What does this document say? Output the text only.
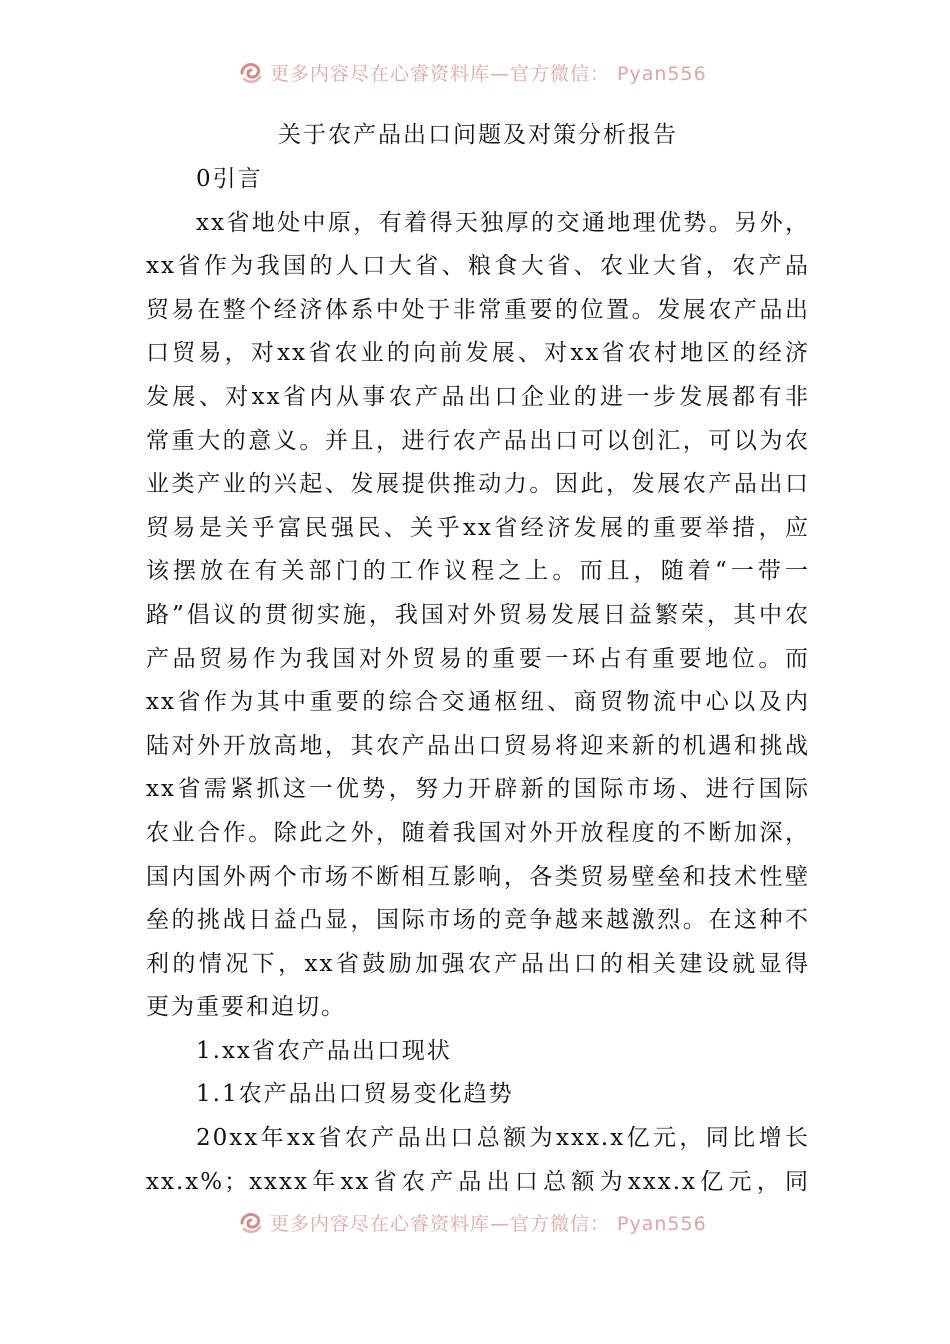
更多内容尽在心睿资料库—官方微信： Pyan556
关于农产品出口问题及对策分析报告
0引言
xx省地处中原，有着得天独厚的交通地理优势。另外，
xx省作为我国的人口大省、粮食大省、农业大省，农产品
贸易在整个经济体系中处于非常重要的位置。发展农产品出
口贸易，对xx省农业的向前发展、对xx省农村地区的经济
发展、对xx省内从事农产品出口企业的进一步发展都有非
常重大的意义。并且，进行农产品出口可以创汇，可以为农
业类产业的兴起、发展提供推动力。因此，发展农产品出口
贸易是关乎富民强民、关乎xx省经济发展的重要举措，应
该摆放在有关部门的工作议程之上。而且，随着“一带一
路”倡议的贯彻实施，我国对外贸易发展日益繁荣，其中农
产品贸易作为我国对外贸易的重要一环占有重要地位。而
xx省作为其中重要的综合交通枢纽、商贸物流中心以及内
陆对外开放高地，其农产品出口贸易将迎来新的机遇和挑战
xx省需紧抓这一优势，努力开辟新的国际市场、进行国际
农业合作。除此之外，随着我国对外开放程度的不断加深，
国内国外两个市场不断相互影响，各类贸易壁垒和技术性壁
垒的挑战日益凸显，国际市场的竞争越来越激烈。在这种不
利的情况下，xx省鼓励加强农产品出口的相关建设就显得
更为重要和迫切。
1.xx省农产品出口现状
1.1农产品出口贸易变化趋势
20xx年xx省农产品出口总额为xxx.x亿元，同比增长
xx.x%；xxxx年xx省农产品出口总额为xxx.x亿元，同
更多内容尽在心睿资料库—官方微信： Pyan556
